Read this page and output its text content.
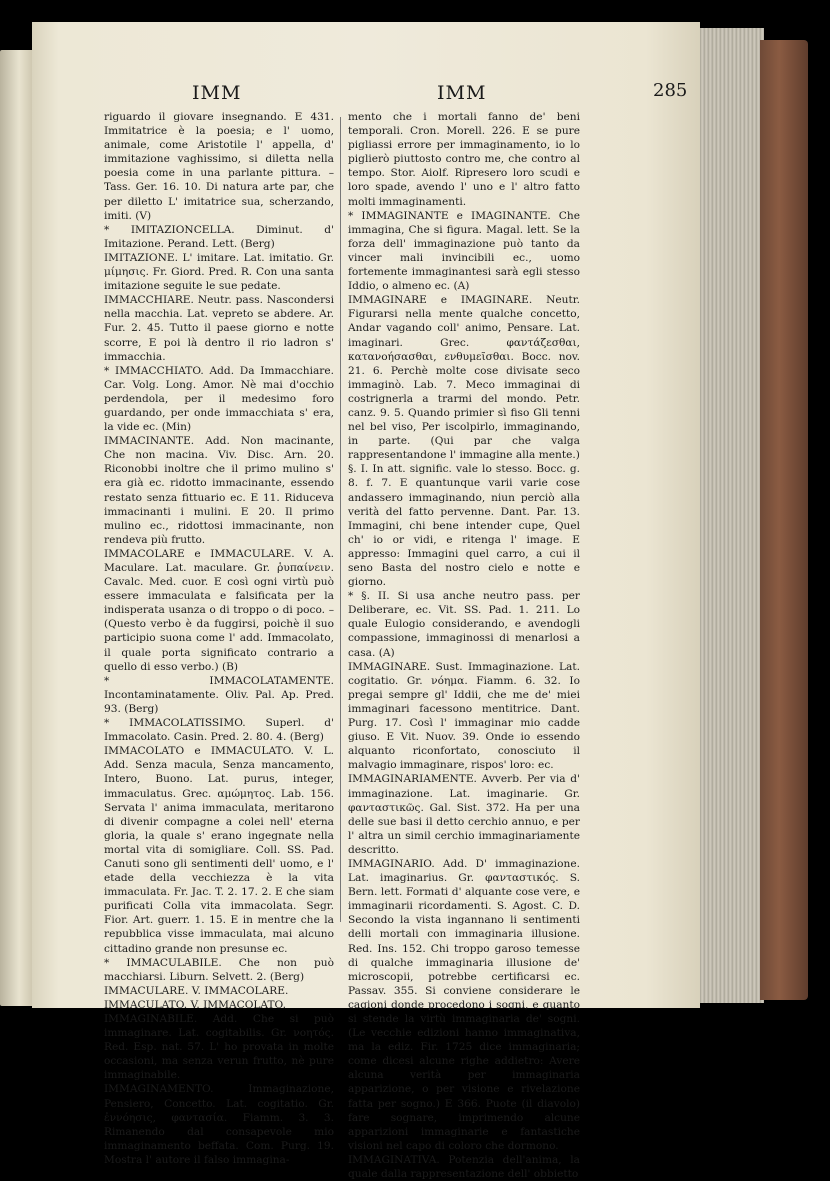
IMM	IMM	285

riguardo il giovare insegnando. E 431. Immitatrice è la poesia; e l' uomo, animale, come Aristotile l' appella, d' immitazione vaghissimo, si diletta nella poesia come in una parlante pittura. – Tass. Ger. 16. 10. Di natura arte par, che per diletto L' imitatrice sua, scherzando, imiti. (V)

* IMITAZIONCELLA. Diminut. d' Imitazione. Perand. Lett. (Berg)

IMITAZIONE. L' imitare. Lat. imitatio. Gr. μίμησις. Fr. Giord. Pred. R. Con una santa imitazione seguite le sue pedate.

IMMACCHIARE. Neutr. pass. Nascondersi nella macchia. Lat. vepreto se abdere. Ar. Fur. 2. 45. Tutto il paese giorno e notte scorre, E poi là dentro il rio ladron s' immacchia.

* IMMACCHIATO. Add. Da Immacchiare. Car. Volg. Long. Amor. Nè mai d'occhio perdendola, per il medesimo foro guardando, per onde immacchiata s' era, la vide ec. (Min)

IMMACINANTE. Add. Non macinante, Che non macina. Viv. Disc. Arn. 20. Riconobbi inoltre che il primo mulino s' era già ec. ridotto immacinante, essendo restato senza fittuario ec. E 11. Riduceva immacinanti i mulini. E 20. Il primo mulino ec., ridottosi immacinante, non rendeva più frutto.

IMMACOLARE e IMMACULARE. V. A. Maculare. Lat. maculare. Gr. ῥυπαίνειν. Cavalc. Med. cuor. E così ogni virtù può essere immaculata e falsificata per la indisperata usanza o di troppo o di poco. – (Questo verbo è da fuggirsi, poichè il suo participio suona come l' add. Immacolato, il quale porta significato contrario a quello di esso verbo.) (B)

* IMMACOLATAMENTE. Incontaminatamente. Oliv. Pal. Ap. Pred. 93. (Berg)

* IMMACOLATISSIMO. Superl. d' Immacolato. Casin. Pred. 2. 80. 4. (Berg)

IMMACOLATO e IMMACULATO. V. L. Add. Senza macula, Senza mancamento, Intero, Buono. Lat. purus, integer, immaculatus. Grec. αμώμητος. Lab. 156. Servata l' anima immaculata, meritarono di divenir compagne a colei nell' eterna gloria, la quale s' erano ingegnate nella mortal vita di somigliare. Coll. SS. Pad. Canuti sono gli sentimenti dell' uomo, e l' etade della vecchiezza è la vita immaculata. Fr. Jac. T. 2. 17. 2. E che siam purificati Colla vita immacolata. Segr. Fior. Art. guerr. 1. 15. E in mentre che la repubblica visse immaculata, mai alcuno cittadino grande non presunse ec.

* IMMACULABILE. Che non può macchiarsi. Liburn. Selvett. 2. (Berg)

IMMACULARE. V. IMMACOLARE.

IMMACULATO. V. IMMACOLATO.

IMMAGINABILE. Add. Che si può immaginare. Lat. cogitabilis. Gr. νοητός. Red. Esp. nat. 57. L' ho provata in molte occasioni, ma senza verun frutto, nè pure immaginabile.

IMMAGINAMENTO. Immaginazione, Pensiero, Concetto. Lat. cogitatio. Gr. ἐννόησις, φαντασία. Fiamm. 3. 3. Rimanendo dal consapevole mio immaginamento beffata. Com. Purg. 19. Mostra l' autore il falso immagina-

mento che i mortali fanno de' beni temporali. Cron. Morell. 226. E se pure pigliassi errore per immaginamento, io lo piglierò piuttosto contro me, che contro al tempo. Stor. Aiolf. Ripresero loro scudi e loro spade, avendo l' uno e l' altro fatto molti immaginamenti.

* IMMAGINANTE e IMAGINANTE. Che immagina, Che si figura. Magal. lett. Se la forza dell' immaginazione può tanto da vincer mali invincibili ec., uomo fortemente immaginantesi sarà egli stesso Iddio, o almeno ec. (A)

IMMAGINARE e IMAGINARE. Neutr. Figurarsi nella mente qualche concetto, Andar vagando coll' animo, Pensare. Lat. imaginari. Grec. φαντάζεσθαι, κατανοήσασθαι, ενθυμεῖσθαι. Bocc. nov. 21. 6. Perchè molte cose divisate seco immaginò. Lab. 7. Meco immaginai di costrignerla a trarmi del mondo. Petr. canz. 9. 5. Quando primier sì fiso Gli tenni nel bel viso, Per iscolpirlo, immaginando, in parte. (Qui par che valga rappresentandone l' immagine alla mente.)

§. I. In att. signific. vale lo stesso. Bocc. g. 8. f. 7. E quantunque varii varie cose andassero immaginando, niun perciò alla verità del fatto pervenne. Dant. Par. 13. Immagini, chi bene intender cupe, Quel ch' io or vidi, e ritenga l' image. E appresso: Immagini quel carro, a cui il seno Basta del nostro cielo e notte e giorno.

* §. II. Si usa anche neutro pass. per Deliberare, ec. Vit. SS. Pad. 1. 211. Lo quale Eulogio considerando, e avendogli compassione, immaginossi di menarlosi a casa. (A)

IMMAGINARE. Sust. Immaginazione. Lat. cogitatio. Gr. νόημα. Fiamm. 6. 32. Io pregai sempre gl' Iddii, che me de' miei immaginari facessono mentitrice. Dant. Purg. 17. Così l' immaginar mio cadde giuso. E Vit. Nuov. 39. Onde io essendo alquanto riconfortato, conosciuto il malvagio immaginare, rispos' loro: ec.

IMMAGINARIAMENTE. Avverb. Per via d' immaginazione. Lat. imaginarie. Gr. φανταστικῶς. Gal. Sist. 372. Ha per una delle sue basi il detto cerchio annuo, e per l' altra un simil cerchio immaginariamente descritto.

IMMAGINARIO. Add. D' immaginazione. Lat. imaginarius. Gr. φανταστικός. S. Bern. lett. Formati d' alquante cose vere, e immaginarii ricordamenti. S. Agost. C. D. Secondo la vista ingannano li sentimenti delli mortali con immaginaria illusione. Red. Ins. 152. Chi troppo garoso temesse di qualche immaginaria illusione de' microscopii, potrebbe certificarsi ec. Passav. 355. Si conviene considerare le cagioni donde procedono i sogni, e quanto si stende la virtù immaginaria de' sogni. (Le vecchie edizioni hanno immaginativa, ma la ediz. Fir. 1725 dice immaginaria; come dicesi alcune righe addietro: Avere alcuna verità per immaginaria apparizione, o per visione e rivelazione fatta per sogno.) E 366. Puote (il diavolo) fare sognare, imprimendo alcune apparizioni immaginarie e fantastiche visioni nel capo di coloro che dormono.

IMMAGINATIVA. Potenzia dell'anima, la quale dalla rappresentazione dell' obbietto
